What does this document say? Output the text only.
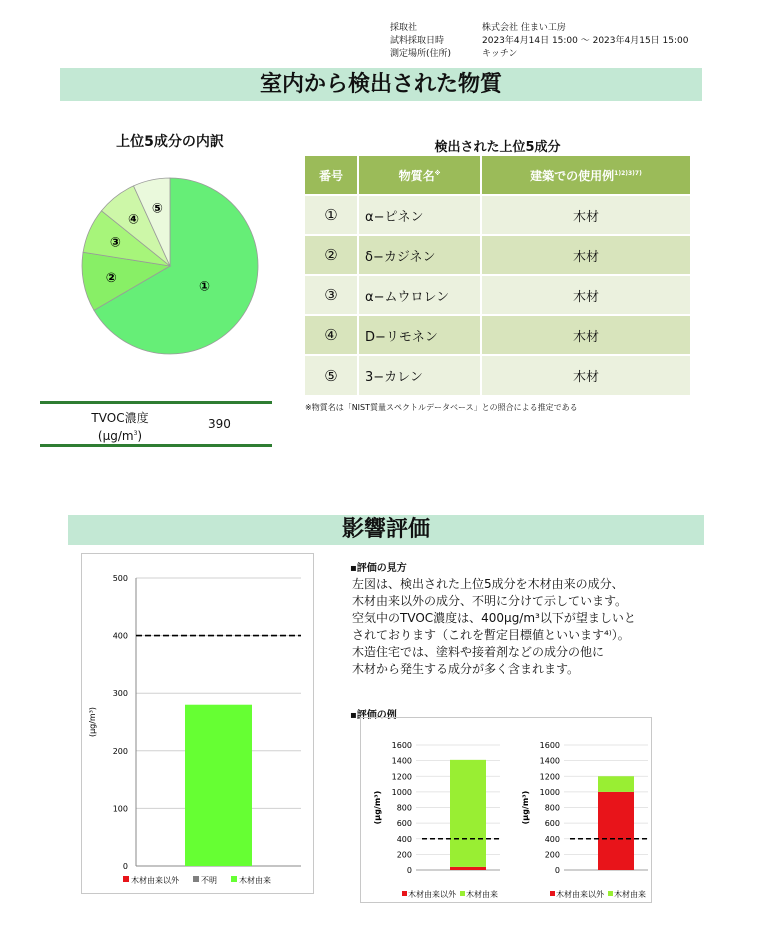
採取社	株式会社 住まい工房
試料採取日時	2023年4月14日 15:00 ～ 2023年4月15日 15:00
測定場所(住所)	キッチン
室内から検出された物質
上位5成分の内訳
①
②
③
④
⑤
検出された上位5成分
番号	物質名※	建築での使用例$^{1)2)3)7)}$
①	α−ピネン	木材
②	δ−カジネン	木材
③	α−ムウロレン	木材
④	D−リモネン	木材
⑤	3−カレン	木材
※物質名は「NIST質量スペクトルデータベース」との照合による推定である
TVOC濃度
$(\mu g/m^3)$
390
影響評価
0
100
200
300
400
500
(μg/m³)
木材由来以外	不明	木材由来
▪評価の見方
左図は、検出された上位5成分を木材由来の成分、
木材由来以外の成分、不明に分けて示しています。
空気中のTVOC濃度は、400μg/m³以下が望ましいと
されております（これを暫定目標値といいます⁴⁾）。
木造住宅では、塗料や接着剤などの成分の他に
木材から発生する成分が多く含まれます。
▪評価の例
0
200
400
600
800
1000
1200
1400
1600
(μg/m³)
木材由来以外 木材由来
0
200
400
600
800
1000
1200
1400
1600
(μg/m³)
木材由来以外 木材由来
